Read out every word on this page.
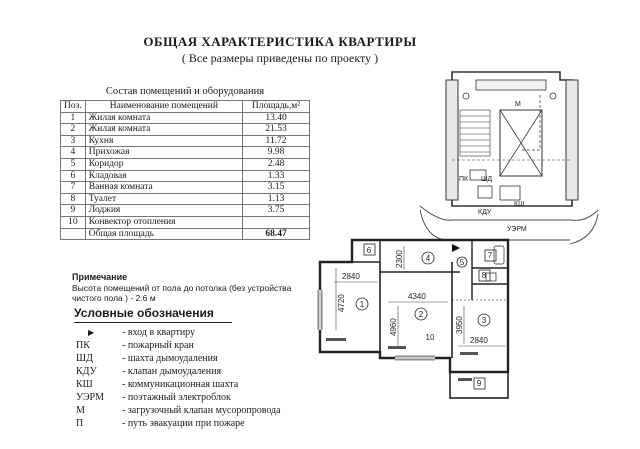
ОБЩАЯ ХАРАКТЕРИСТИКА КВАРТИРЫ
( Все размеры приведены по проекту )
Состав помещений и оборудования
Поз.	Наименование помещений	Площадь,м²
1	Жилая комната	13.40
2	Жилая комната	21.53
3	Кухня	11.72
4	Прихожая	9.98
5	Коридор	2.48
6	Кладовая	1.33
7	Ванная комната	3.15
8	Туалет	1.13
9	Лоджия	3.75
10	Конвектор отопления	
	Общая площадь	68.47
Примечание
Высота помещений от пола до потолка (без устройства чистого пола ) - 2.6 м
Условные обозначения
▶	- вход в квартиру
ПК	- пожарный кран
ШД	- шахта дымоудаления
КДУ	- клапан дымоудаления
КШ	- коммуникационная шахта
УЭРМ - поэтажный электроблок
М	- загрузочный клапан мусоропровода
П	- путь эвакуации при пожаре
М
ПК ШД
КДУ
КШ
УЭРМ
1
2
3
4	5
6
7
8
9
10
2840
4720
2300
4340
4960	3950
2840
